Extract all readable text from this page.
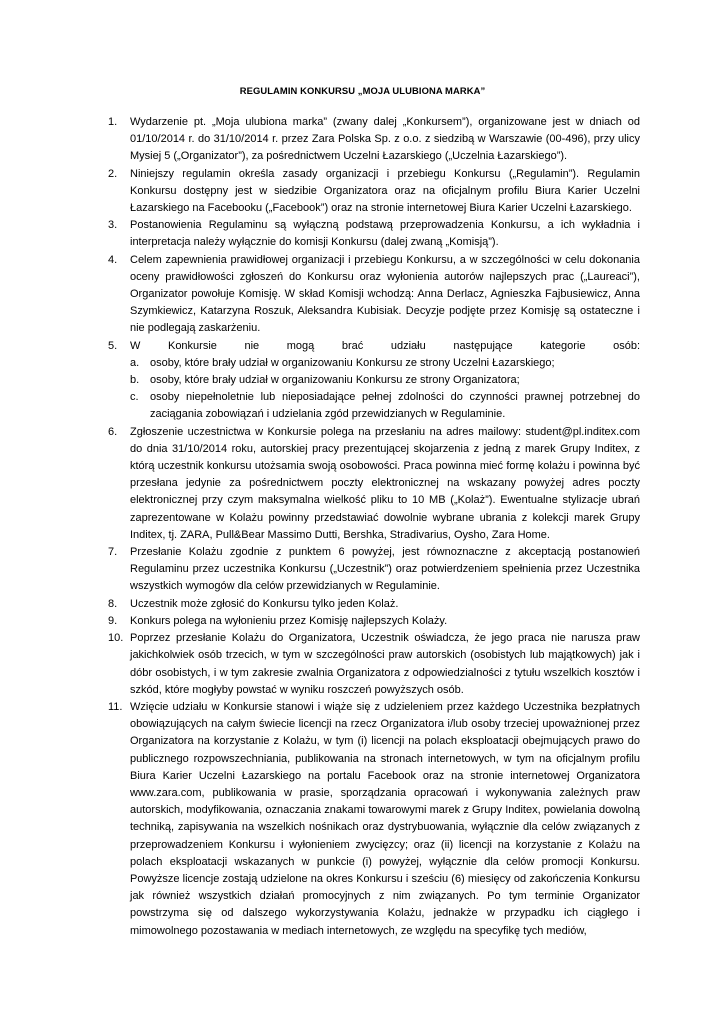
REGULAMIN KONKURSU „MOJA ULUBIONA MARKA”
1. Wydarzenie pt. „Moja ulubiona marka” (zwany dalej „Konkursem”), organizowane jest w dniach od 01/10/2014 r. do 31/10/2014 r. przez Zara Polska Sp. z o.o. z siedzibą w Warszawie (00-496), przy ulicy Mysiej 5 („Organizator”), za pośrednictwem Uczelni Łazarskiego („Uczelnia Łazarskiego”).
2. Niniejszy regulamin określa zasady organizacji i przebiegu Konkursu („Regulamin”). Regulamin Konkursu dostępny jest w siedzibie Organizatora oraz na oficjalnym profilu Biura Karier Uczelni Łazarskiego na Facebooku („Facebook”) oraz na stronie internetowej Biura Karier Uczelni Łazarskiego.
3. Postanowienia Regulaminu są wyłączną podstawą przeprowadzenia Konkursu, a ich wykładnia i interpretacja należy wyłącznie do komisji Konkursu (dalej zwaną „Komisją”).
4. Celem zapewnienia prawidłowej organizacji i przebiegu Konkursu, a w szczególności w celu dokonania oceny prawidłowości zgłoszeń do Konkursu oraz wyłonienia autorów najlepszych prac („Laureaci”), Organizator powołuje Komisję. W skład Komisji wchodzą: Anna Derlacz, Agnieszka Fajbusiewicz, Anna Szymkiewicz, Katarzyna Roszuk, Aleksandra Kubisiak. Decyzje podjęte przez Komisję są ostateczne i nie podlegają zaskarżeniu.
5. W Konkursie nie mogą brać udziału następujące kategorie osób:
a. osoby, które brały udział w organizowaniu Konkursu ze strony Uczelni Łazarskiego;
b. osoby, które brały udział w organizowaniu Konkursu ze strony Organizatora;
c. osoby niepełnoletnie lub nieposiadające pełnej zdolności do czynności prawnej potrzebnej do zaciągania zobowiązań i udzielania zgód przewidzianych w Regulaminie.
6. Zgłoszenie uczestnictwa w Konkursie polega na przesłaniu na adres mailowy: student@pl.inditex.com do dnia 31/10/2014 roku, autorskiej pracy prezentującej skojarzenia z jedną z marek Grupy Inditex, z którą uczestnik konkursu utożsamia swoją osobowości. Praca powinna mieć formę kolażu i powinna być przesłana jedynie za pośrednictwem poczty elektronicznej na wskazany powyżej adres poczty elektronicznej przy czym maksymalna wielkość pliku to 10 MB („Kolaż”). Ewentualne stylizacje ubrań zaprezentowane w Kolażu powinny przedstawiać dowolnie wybrane ubrania z kolekcji marek Grupy Inditex, tj. ZARA, Pull&Bear Massimo Dutti, Bershka, Stradivarius, Oysho, Zara Home.
7. Przesłanie Kolażu zgodnie z punktem 6 powyżej, jest równoznaczne z akceptacją postanowień Regulaminu przez uczestnika Konkursu („Uczestnik”) oraz potwierdzeniem spełnienia przez Uczestnika wszystkich wymogów dla celów przewidzianych w Regulaminie.
8. Uczestnik może zgłosić do Konkursu tylko jeden Kolaż.
9. Konkurs polega na wyłonieniu przez Komisję najlepszych Kolaży.
10. Poprzez przesłanie Kolażu do Organizatora, Uczestnik oświadcza, że jego praca nie narusza praw jakichkolwiek osób trzecich, w tym w szczególności praw autorskich (osobistych lub majątkowych) jak i dóbr osobistych, i w tym zakresie zwalnia Organizatora z odpowiedzialności z tytułu wszelkich kosztów i szkód, które mogłyby powstać w wyniku roszczeń powyższych osób.
11. Wzięcie udziału w Konkursie stanowi i wiąże się z udzieleniem przez każdego Uczestnika bezpłatnych obowiązujących na całym świecie licencji na rzecz Organizatora i/lub osoby trzeciej upoważnionej przez Organizatora na korzystanie z Kolażu, w tym (i) licencji na polach eksploatacji obejmujących prawo do publicznego rozpowszechniania, publikowania na stronach internetowych, w tym na oficjalnym profilu Biura Karier Uczelni Łazarskiego na portalu Facebook oraz na stronie internetowej Organizatora www.zara.com, publikowania w prasie, sporządzania opracowań i wykonywania zależnych praw autorskich, modyfikowania, oznaczania znakami towarowymi marek z Grupy Inditex, powielania dowolną techniką, zapisywania na wszelkich nośnikach oraz dystrybuowania, wyłącznie dla celów związanych z przeprowadzeniem Konkursu i wyłonieniem zwycięzcy; oraz (ii) licencji na korzystanie z Kolażu na polach eksploatacji wskazanych w punkcie (i) powyżej, wyłącznie dla celów promocji Konkursu. Powyższe licencje zostają udzielone na okres Konkursu i sześciu (6) miesięcy od zakończenia Konkursu jak również wszystkich działań promocyjnych z nim związanych. Po tym terminie Organizator powstrzyma się od dalszego wykorzystywania Kolażu, jednakże w przypadku ich ciągłego i mimowolnego pozostawania w mediach internetowych, ze względu na specyfikę tych mediów,
